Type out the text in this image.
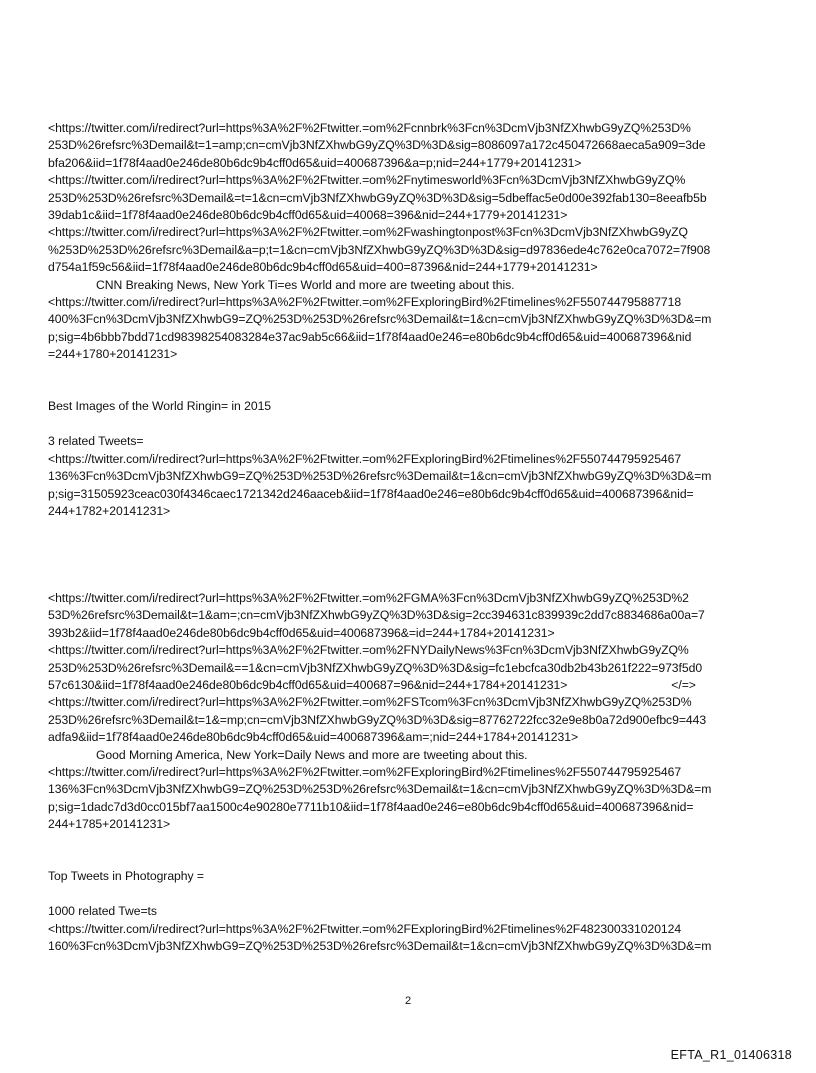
<https://twitter.com/i/redirect?url=https%3A%2F%2Ftwitter.=om%2Fcnnbrk%3Fcn%3DcmVjb3NfZXhwbG9yZQ%253D%
253D%26refsrc%3Demail&t=1=amp;cn=cmVjb3NfZXhwbG9yZQ%3D%3D&sig=8086097a172c450472668aeca5a909=3de
bfa206&iid=1f78f4aad0e246de80b6dc9b4cff0d65&uid=400687396&a=p;nid=244+1779+20141231>
<https://twitter.com/i/redirect?url=https%3A%2F%2Ftwitter.=om%2Fnytimesworld%3Fcn%3DcmVjb3NfZXhwbG9yZQ%
253D%253D%26refsrc%3Demail&=t=1&cn=cmVjb3NfZXhwbG9yZQ%3D%3D&sig=5dbeffac5e0d00e392fab130=8eeafb5b
39dab1c&iid=1f78f4aad0e246de80b6dc9b4cff0d65&uid=40068=396&nid=244+1779+20141231>
<https://twitter.com/i/redirect?url=https%3A%2F%2Ftwitter.=om%2Fwashingtonpost%3Fcn%3DcmVjb3NfZXhwbG9yZQ
%253D%253D%26refsrc%3Demail&a=p;t=1&cn=cmVjb3NfZXhwbG9yZQ%3D%3D&sig=d97836ede4c762e0ca7072=7f908
d754a1f59c56&iid=1f78f4aad0e246de80b6dc9b4cff0d65&uid=400=87396&nid=244+1779+20141231>
CNN Breaking News, New York Ti=es World and more are tweeting about this.
<https://twitter.com/i/redirect?url=https%3A%2F%2Ftwitter.=om%2FExploringBird%2Ftimelines%2F550744795887718
400%3Fcn%3DcmVjb3NfZXhwbG9=ZQ%253D%253D%26refsrc%3Demail&t=1&cn=cmVjb3NfZXhwbG9yZQ%3D%3D&=m
p;sig=4b6bbb7bdd71cd98398254083284e37ac9ab5c66&iid=1f78f4aad0e246=e80b6dc9b4cff0d65&uid=400687396&nid
=244+1780+20141231>
Best Images of the World Ringin= in 2015
3 related Tweets=
<https://twitter.com/i/redirect?url=https%3A%2F%2Ftwitter.=om%2FExploringBird%2Ftimelines%2F550744795925467
136%3Fcn%3DcmVjb3NfZXhwbG9=ZQ%253D%253D%26refsrc%3Demail&t=1&cn=cmVjb3NfZXhwbG9yZQ%3D%3D&=m
p;sig=31505923ceac030f4346caec1721342d246aaceb&iid=1f78f4aad0e246=e80b6dc9b4cff0d65&uid=400687396&nid=
244+1782+20141231>
<https://twitter.com/i/redirect?url=https%3A%2F%2Ftwitter.=om%2FGMA%3Fcn%3DcmVjb3NfZXhwbG9yZQ%253D%2
53D%26refsrc%3Demail&t=1&am=;cn=cmVjb3NfZXhwbG9yZQ%3D%3D&sig=2cc394631c839939c2dd7c8834686a00a=7
393b2&iid=1f78f4aad0e246de80b6dc9b4cff0d65&uid=400687396&=id=244+1784+20141231>
<https://twitter.com/i/redirect?url=https%3A%2F%2Ftwitter.=om%2FNYDailyNews%3Fcn%3DcmVjb3NfZXhwbG9yZQ%
253D%253D%26refsrc%3Demail&==1&cn=cmVjb3NfZXhwbG9yZQ%3D%3D&sig=fc1ebcfca30db2b43b261f222=973f5d0
57c6130&iid=1f78f4aad0e246de80b6dc9b4cff0d65&uid=400687=96&nid=244+1784+20141231>	</=>
<https://twitter.com/i/redirect?url=https%3A%2F%2Ftwitter.=om%2FSTcom%3Fcn%3DcmVjb3NfZXhwbG9yZQ%253D%
253D%26refsrc%3Demail&t=1&=mp;cn=cmVjb3NfZXhwbG9yZQ%3D%3D&sig=87762722fcc32e9e8b0a72d900efbc9=443
adfa9&iid=1f78f4aad0e246de80b6dc9b4cff0d65&uid=400687396&am=;nid=244+1784+20141231>
Good Morning America, New York=Daily News and more are tweeting about this.
<https://twitter.com/i/redirect?url=https%3A%2F%2Ftwitter.=om%2FExploringBird%2Ftimelines%2F550744795925467
136%3Fcn%3DcmVjb3NfZXhwbG9=ZQ%253D%253D%26refsrc%3Demail&t=1&cn=cmVjb3NfZXhwbG9yZQ%3D%3D&=m
p;sig=1dadc7d3d0cc015bf7aa1500c4e90280e7711b10&iid=1f78f4aad0e246=e80b6dc9b4cff0d65&uid=400687396&nid=
244+1785+20141231>
Top Tweets in Photography =
1000 related Twe=ts
<https://twitter.com/i/redirect?url=https%3A%2F%2Ftwitter.=om%2FExploringBird%2Ftimelines%2F482300331020124
160%3Fcn%3DcmVjb3NfZXhwbG9=ZQ%253D%253D%26refsrc%3Demail&t=1&cn=cmVjb3NfZXhwbG9yZQ%3D%3D&=m
2
EFTA_R1_01406318
